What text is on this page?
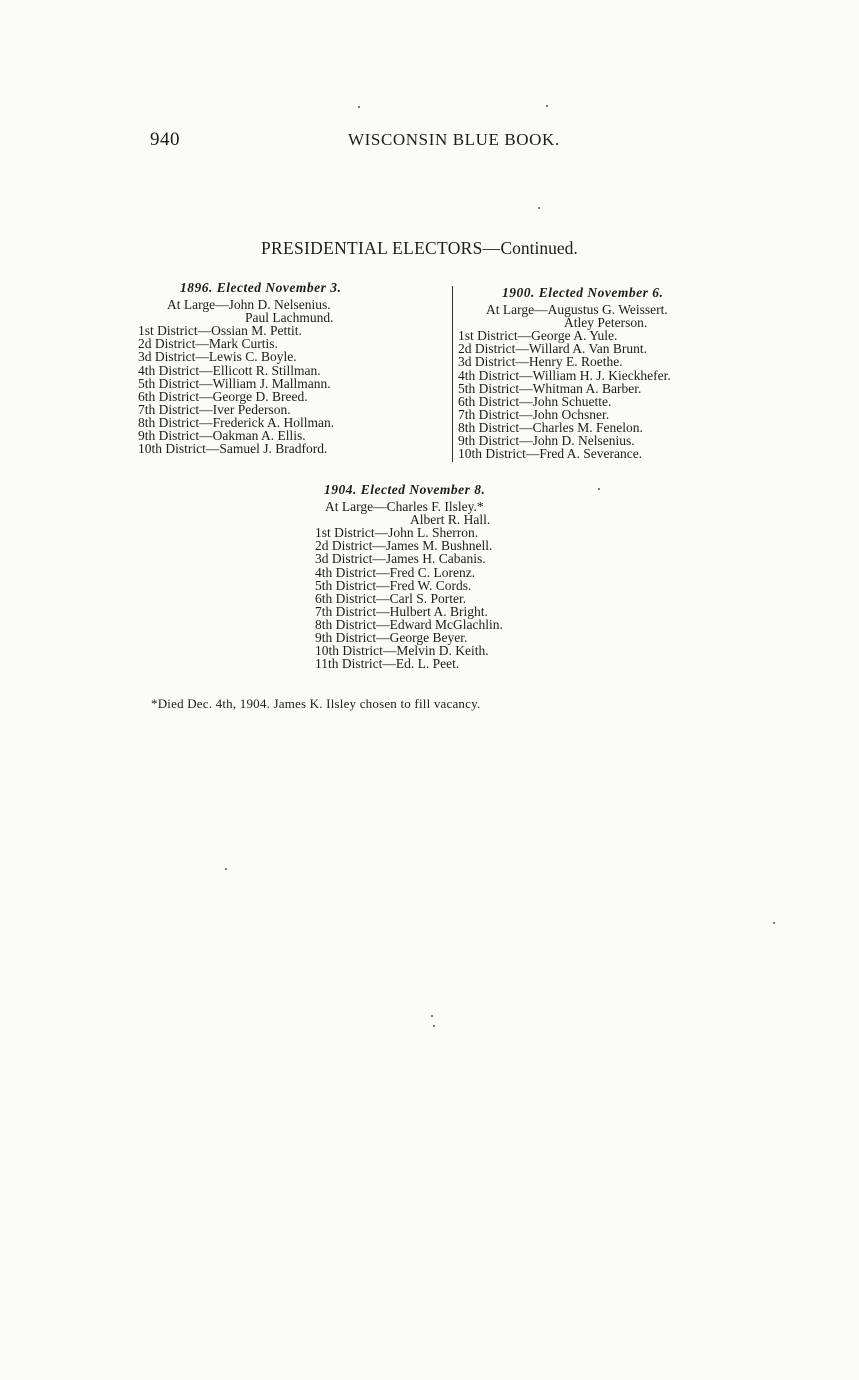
940	WISCONSIN BLUE BOOK.
PRESIDENTIAL ELECTORS—Continued.
1896. Elected November 3.
At Large—John D. Nelsenius.
Paul Lachmund.
1st District—Ossian M. Pettit.
2d District—Mark Curtis.
3d District—Lewis C. Boyle.
4th District—Ellicott R. Stillman.
5th District—William J. Mallmann.
6th District—George D. Breed.
7th District—Iver Pederson.
8th District—Frederick A. Hollman.
9th District—Oakman A. Ellis.
10th District—Samuel J. Bradford.
1900. Elected November 6.
At Large—Augustus G. Weissert.
Atley Peterson.
1st District—George A. Yule.
2d District—Willard A. Van Brunt.
3d District—Henry E. Roethe.
4th District—William H. J. Kieckhefer.
5th District—Whitman A. Barber.
6th District—John Schuette.
7th District—John Ochsner.
8th District—Charles M. Fenelon.
9th District—John D. Nelsenius.
10th District—Fred A. Severance.
1904. Elected November 8.
At Large—Charles F. Ilsley.*
Albert R. Hall.
1st District—John L. Sherron.
2d District—James M. Bushnell.
3d District—James H. Cabanis.
4th District—Fred C. Lorenz.
5th District—Fred W. Cords.
6th District—Carl S. Porter.
7th District—Hulbert A. Bright.
8th District—Edward McGlachlin.
9th District—George Beyer.
10th District—Melvin D. Keith.
11th District—Ed. L. Peet.
*Died Dec. 4th, 1904. James K. Ilsley chosen to fill vacancy.
